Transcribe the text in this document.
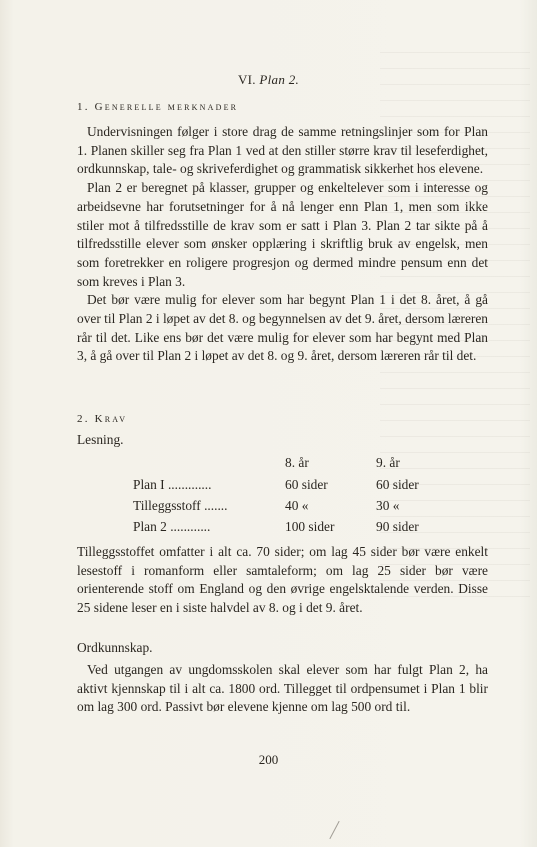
VI. Plan 2.
1. Generelle merknader

Undervisningen følger i store drag de samme retningslinjer som for Plan 1. Planen skiller seg fra Plan 1 ved at den stiller større krav til leseferdighet, ordkunnskap, tale- og skriveferdighet og grammatisk sikkerhet hos elevene.

Plan 2 er beregnet på klasser, grupper og enkeltelever som i interesse og arbeidsevne har forutsetninger for å nå lenger enn Plan 1, men som ikke stiler mot å tilfredsstille de krav som er satt i Plan 3. Plan 2 tar sikte på å tilfredsstille elever som ønsker opplæring i skriftlig bruk av engelsk, men som foretrekker en roligere progresjon og dermed mindre pensum enn det som kreves i Plan 3.

Det bør være mulig for elever som har begynt Plan 1 i det 8. året, å gå over til Plan 2 i løpet av det 8. og begynnelsen av det 9. året, dersom læreren rår til det. Like ens bør det være mulig for elever som har begynt med Plan 3, å gå over til Plan 2 i løpet av det 8. og 9. året, dersom læreren rår til det.

2. Krav
Lesning.
8. år	9. år
Plan I .............	60 sider	60 sider
Tilleggsstoff .......	40 «	30 «
Plan 2 ............	100 sider	90 sider

Tilleggsstoffet omfatter i alt ca. 70 sider; om lag 45 sider bør være enkelt lesestoff i romanform eller samtaleform; om lag 25 sider bør være orienterende stoff om England og den øvrige engelsktalende verden. Disse 25 sidene leser en i siste halvdel av 8. og i det 9. året.

Ordkunnskap.

Ved utgangen av ungdomsskolen skal elever som har fulgt Plan 2, ha aktivt kjennskap til i alt ca. 1800 ord. Tillegget til ordpensumet i Plan 1 blir om lag 300 ord. Passivt bør elevene kjenne om lag 500 ord til.

200
